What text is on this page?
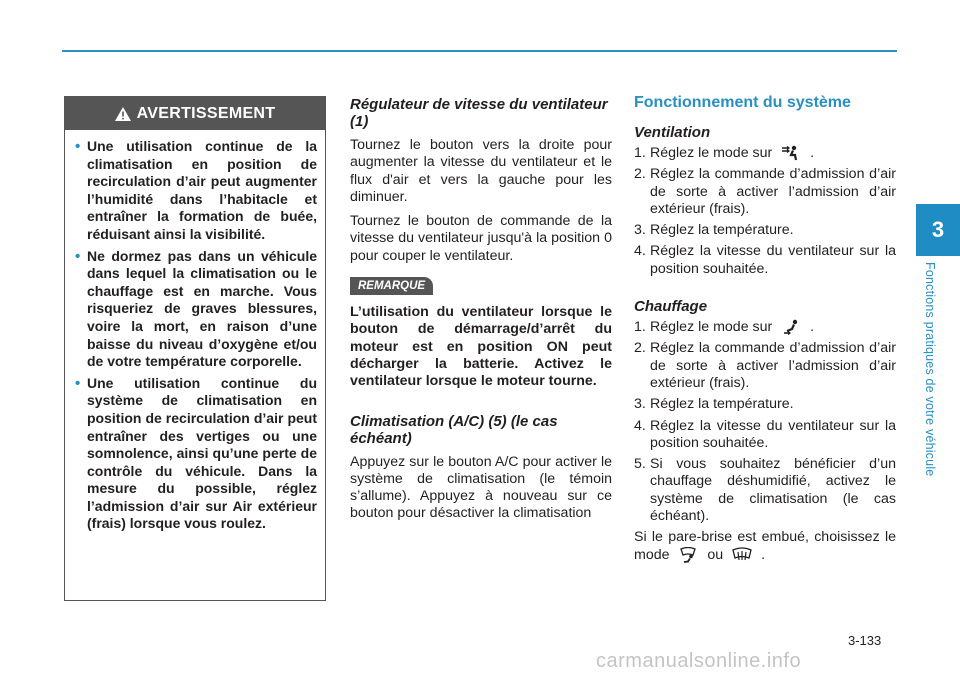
3
Fonctions pratiques de votre véhicule
AVERTISSEMENT
• Une utilisation continue de la climatisation en position de recirculation d’air peut augmenter l’humidité dans l’habitacle et entraîner la formation de buée, réduisant ainsi la visibilité.
• Ne dormez pas dans un véhicule dans lequel la climatisation ou le chauffage est en marche. Vous risqueriez de graves blessures, voire la mort, en raison d’une baisse du niveau d’oxygène et/ou de votre température corporelle.
• Une utilisation continue du système de climatisation en position de recirculation d’air peut entraîner des vertiges ou une somnolence, ainsi qu’une perte de contrôle du véhicule. Dans la mesure du possible, réglez l’admission d’air sur Air extérieur (frais) lorsque vous roulez.
Régulateur de vitesse du ventilateur (1)

Tournez le bouton vers la droite pour augmenter la vitesse du ventilateur et le flux d'air et vers la gauche pour les diminuer.

Tournez le bouton de commande de la vitesse du ventilateur jusqu'à la position 0 pour couper le ventilateur.

REMARQUE

L’utilisation du ventilateur lorsque le bouton de démarrage/d’arrêt du moteur est en position ON peut décharger la batterie. Activez le ventilateur lorsque le moteur tourne.

Climatisation (A/C) (5) (le cas échéant)

Appuyez sur le bouton A/C pour activer le système de climatisation (le témoin s’allume). Appuyez à nouveau sur ce bouton pour désactiver la climatisation

Fonctionnement du système
Ventilation
1. Réglez le mode sur	.
2. Réglez la commande d’admission d’air de sorte à activer l’admission d’air extérieur (frais).
3. Réglez la température.
4. Réglez la vitesse du ventilateur sur la position souhaitée.
Chauffage
1. Réglez le mode sur	.
2. Réglez la commande d’admission d’air de sorte à activer l’admission d’air extérieur (frais).
3. Réglez la température.
4. Réglez la vitesse du ventilateur sur la position souhaitée.
5. Si vous souhaitez bénéficier d’un chauffage déshumidifié, activez le système de climatisation (le cas échéant).

Si le pare-brise est embué, choisissez le mode	ou	.

3-133
carmanualsonline.info
